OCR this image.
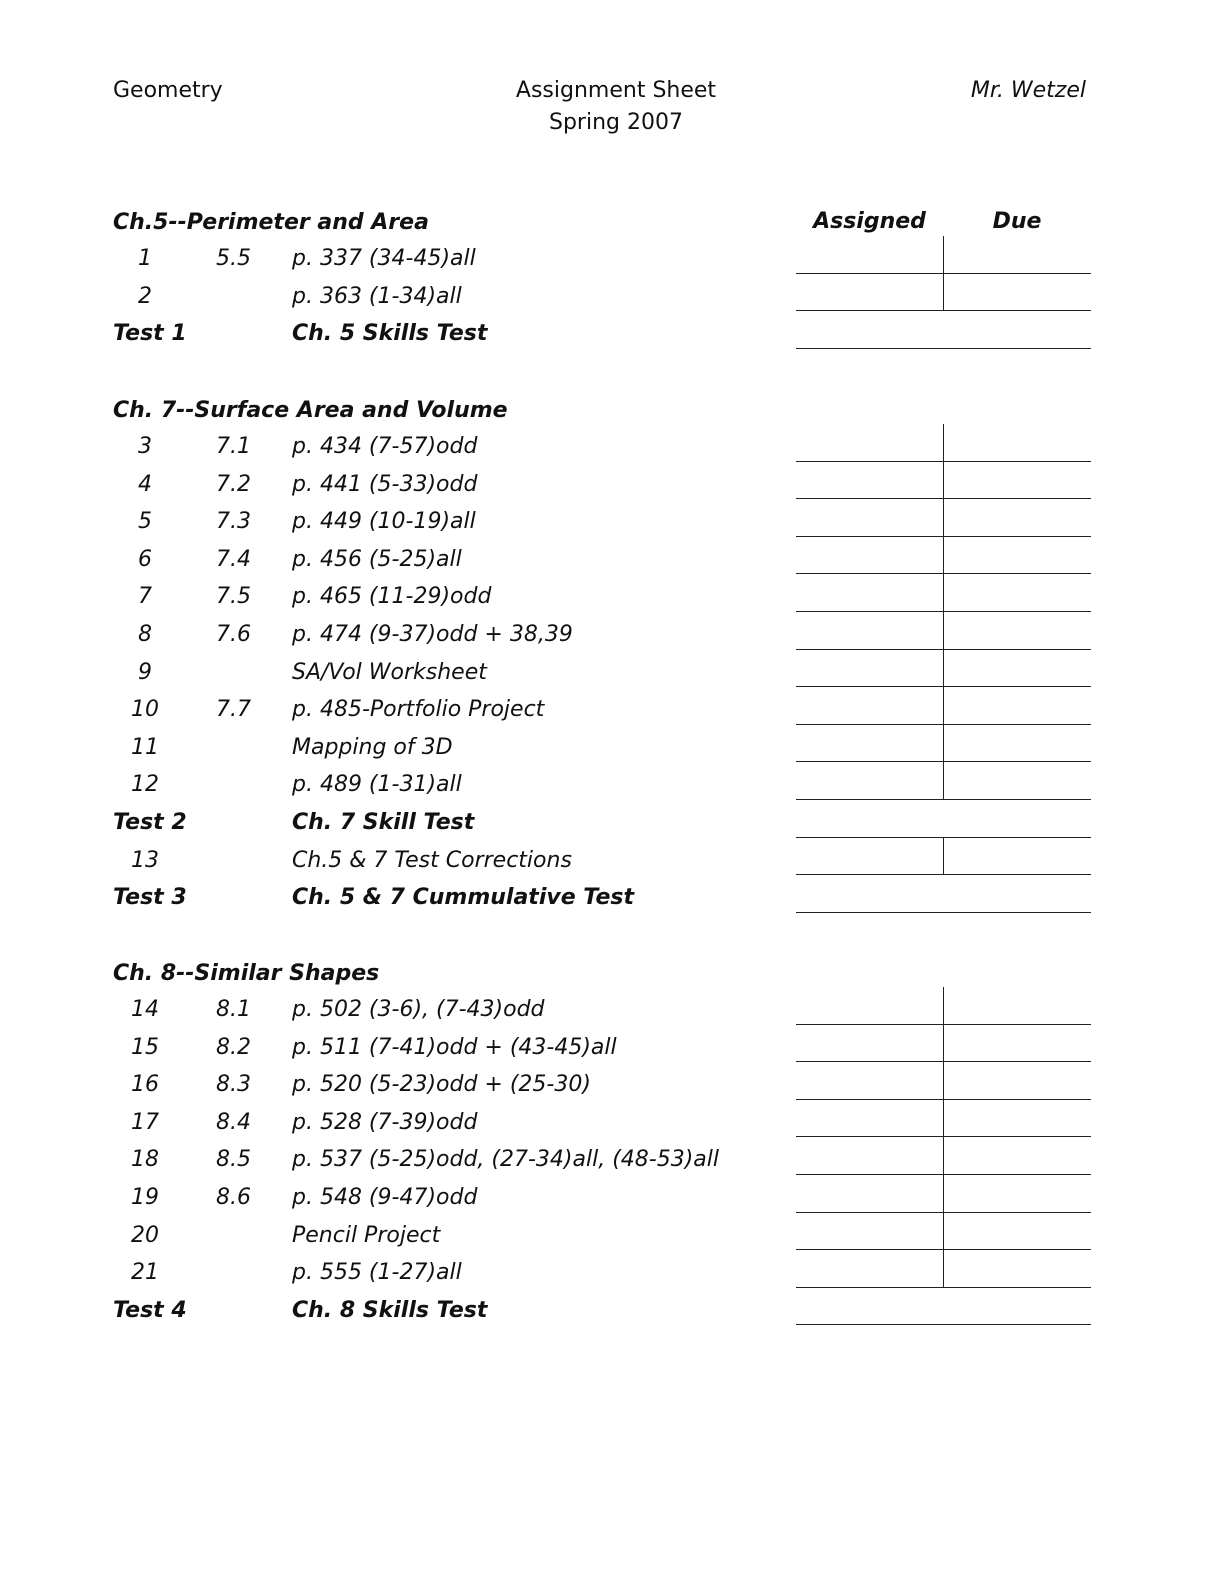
Geometry	Assignment Sheet
Spring 2007
Mr. Wetzel
Assigned	Due
Ch.5--Perimeter and Area
1	5.5 p. 337 (34-45)all
2	p. 363 (1-34)all
Test 1	Ch. 5 Skills Test
Ch. 7--Surface Area and Volume
3	7.1 p. 434 (7-57)odd
4	7.2 p. 441 (5-33)odd
5	7.3 p. 449 (10-19)all
6	7.4 p. 456 (5-25)all
7	7.5 p. 465 (11-29)odd
8	7.6 p. 474 (9-37)odd + 38,39
9	SA/Vol Worksheet
10	7.7 p. 485-Portfolio Project
11	Mapping of 3D
12	p. 489 (1-31)all
Test 2	Ch. 7 Skill Test
13	Ch.5 & 7 Test Corrections
Test 3	Ch. 5 & 7 Cummulative Test
Ch. 8--Similar Shapes
14	8.1 p. 502 (3-6), (7-43)odd
15	8.2 p. 511 (7-41)odd + (43-45)all
16	8.3 p. 520 (5-23)odd + (25-30)
17	8.4 p. 528 (7-39)odd
18	8.5 p. 537 (5-25)odd, (27-34)all, (48-53)all
19	8.6 p. 548 (9-47)odd
20	Pencil Project
21	p. 555 (1-27)all
Test 4	Ch. 8 Skills Test
